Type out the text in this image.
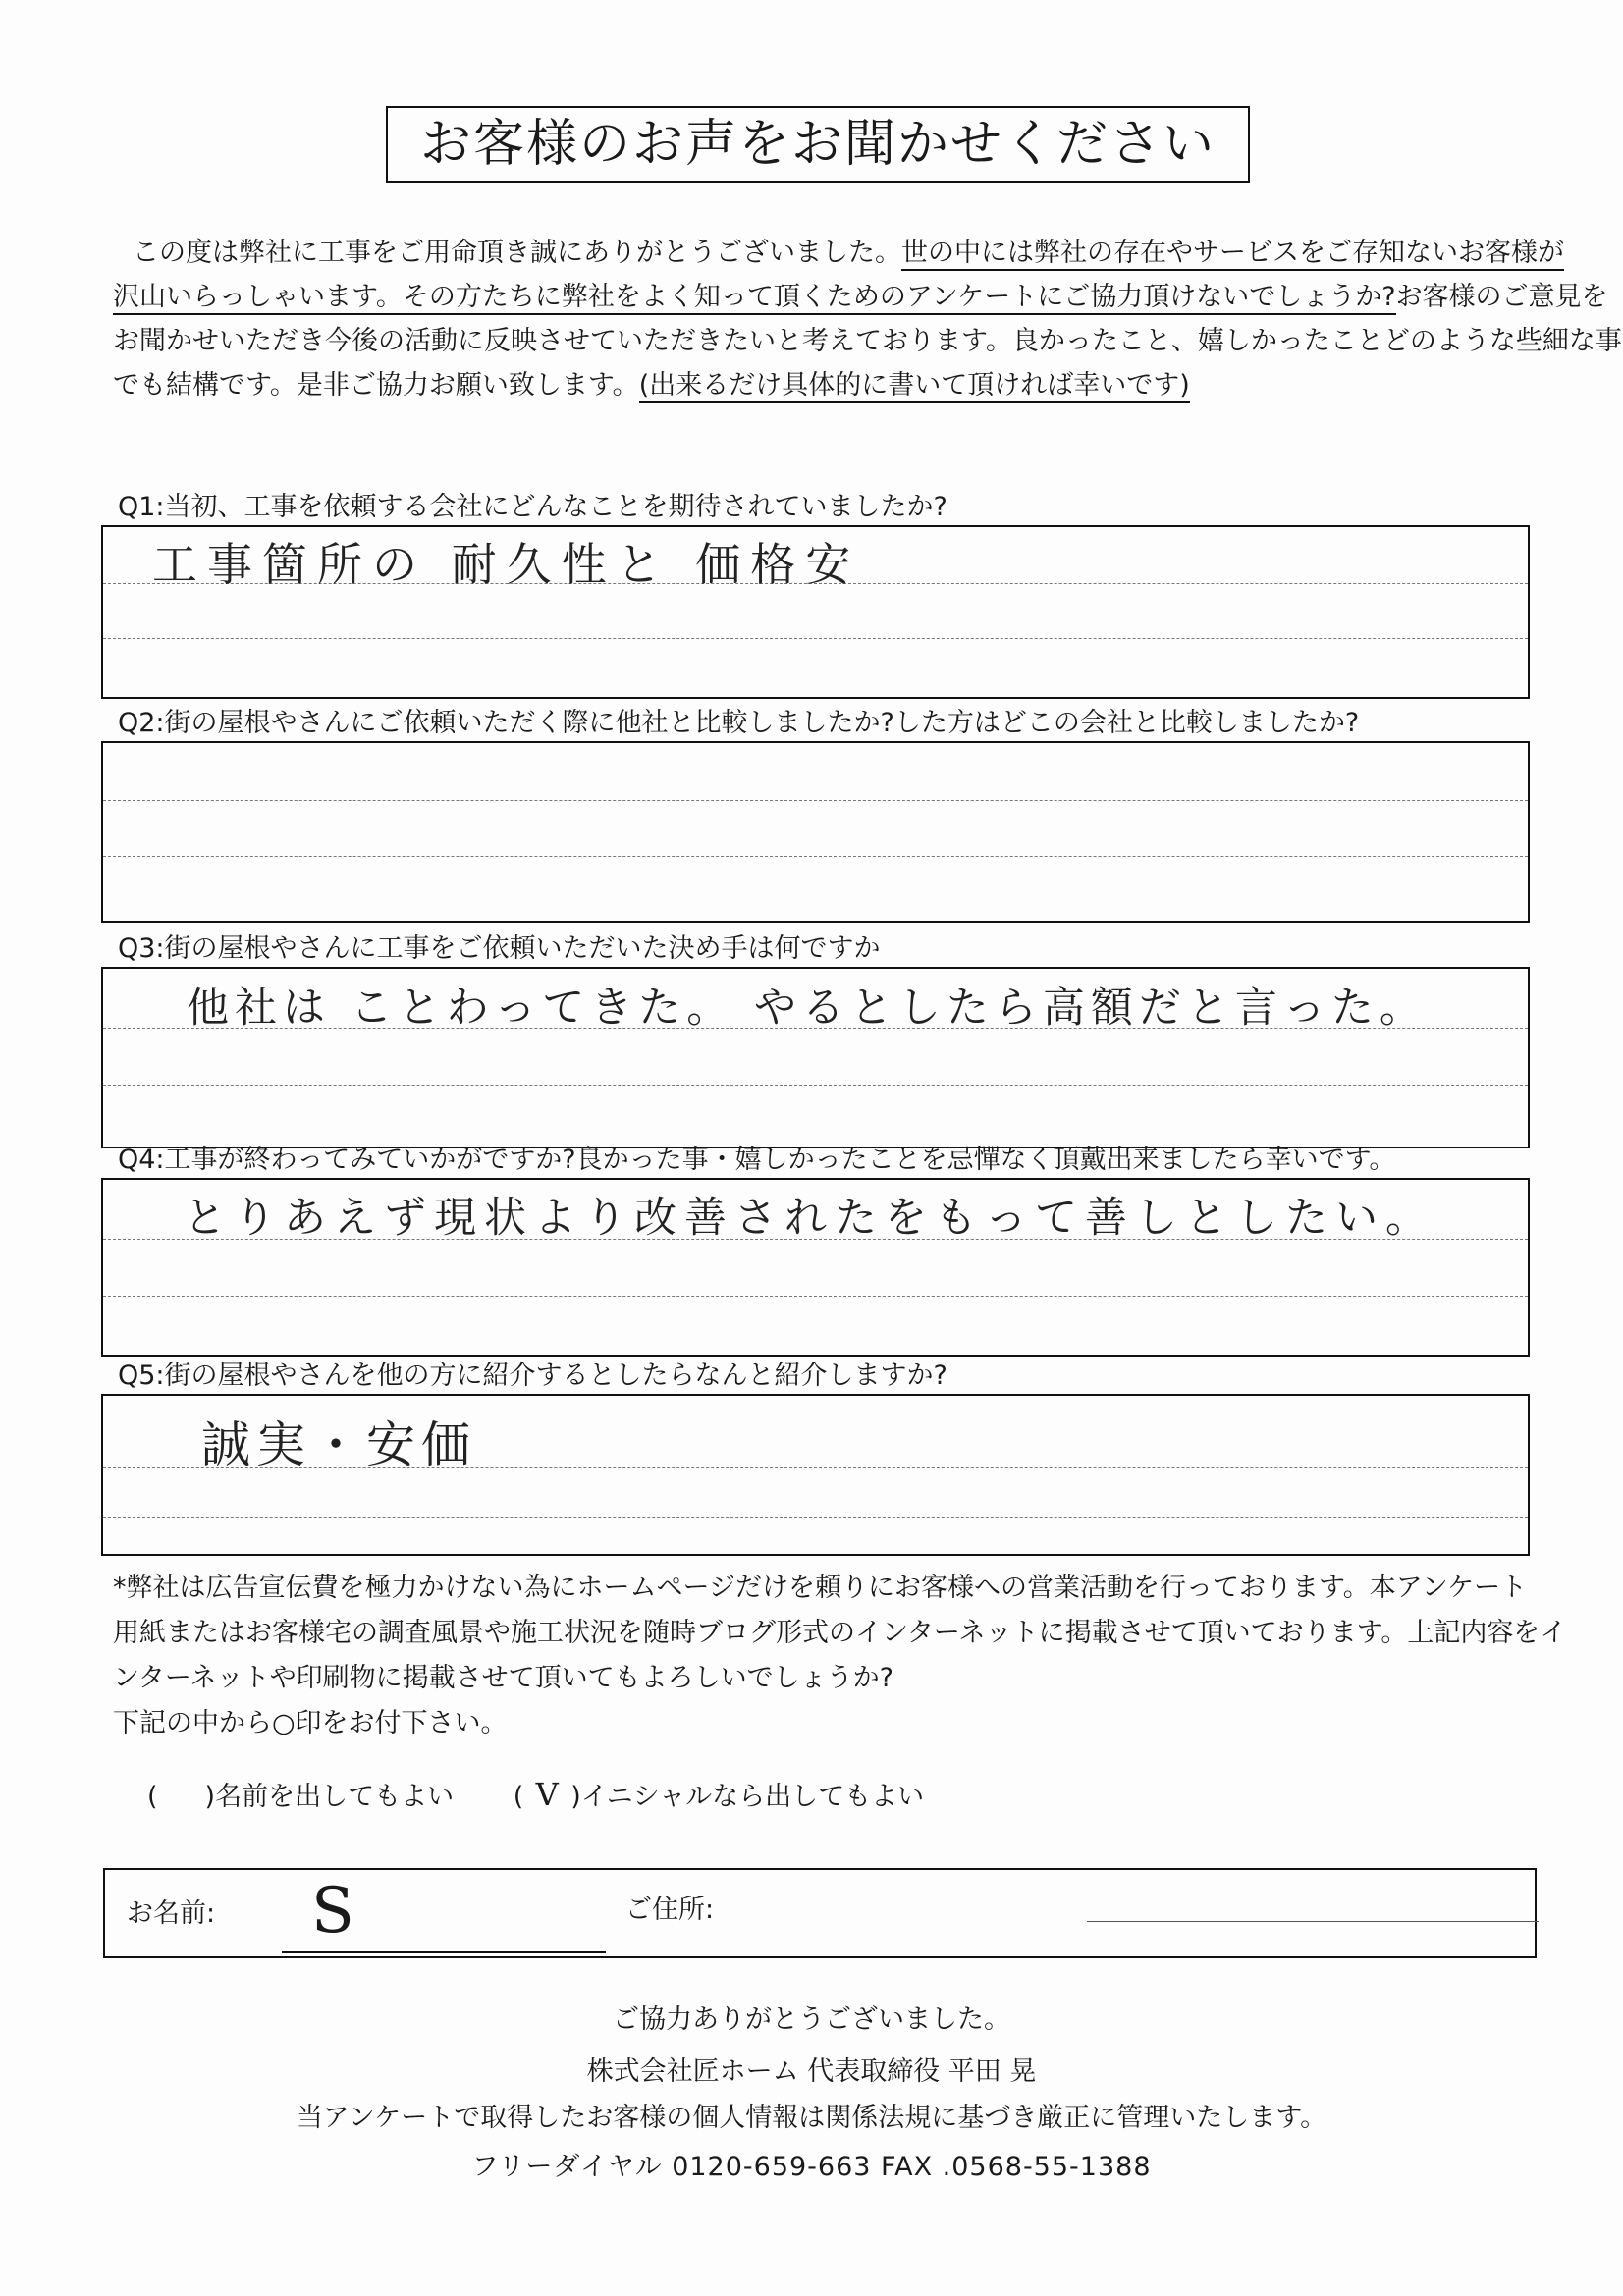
お客様のお声をお聞かせください

この度は弊社に工事をご用命頂き誠にありがとうございました。世の中には弊社の存在やサービスをご存知ないお客様が

沢山いらっしゃいます。その方たちに弊社をよく知って頂くためのアンケートにご協力頂けないでしょうか?お客様のご意見を

お聞かせいただき今後の活動に反映させていただきたいと考えております。良かったこと、嬉しかったことどのような些細な事

でも結構です。是非ご協力お願い致します。(出来るだけ具体的に書いて頂ければ幸いです)

Q1:当初、工事を依頼する会社にどんなことを期待されていましたか?
工事箇所の 耐久性と 価格安
Q2:街の屋根やさんにご依頼いただく際に他社と比較しましたか?した方はどこの会社と比較しましたか?
Q3:街の屋根やさんに工事をご依頼いただいた決め手は何ですか
他社は ことわってきた。 やるとしたら高額だと言った。
Q4:工事が終わってみていかがですか?良かった事・嬉しかったことを忌憚なく頂戴出来ましたら幸いです。
とりあえず現状より改善されたをもって善しとしたい。
Q5:街の屋根やさんを他の方に紹介するとしたらなんと紹介しますか?
誠実・安価

*弊社は広告宣伝費を極力かけない為にホームページだけを頼りにお客様への営業活動を行っております。本アンケート

用紙またはお客様宅の調査風景や施工状況を随時ブログ形式のインターネットに掲載させて頂いております。上記内容をイ

ンターネットや印刷物に掲載させて頂いてもよろしいでしょうか?

下記の中から○印をお付下さい。

( )名前を出してもよい ( V )イニシャルなら出してもよい
お名前: S	ご住所:
ご協力ありがとうございました。
株式会社匠ホーム 代表取締役 平田 晃
当アンケートで取得したお客様の個人情報は関係法規に基づき厳正に管理いたします。
フリーダイヤル 0120-659-663 FAX .0568-55-1388
